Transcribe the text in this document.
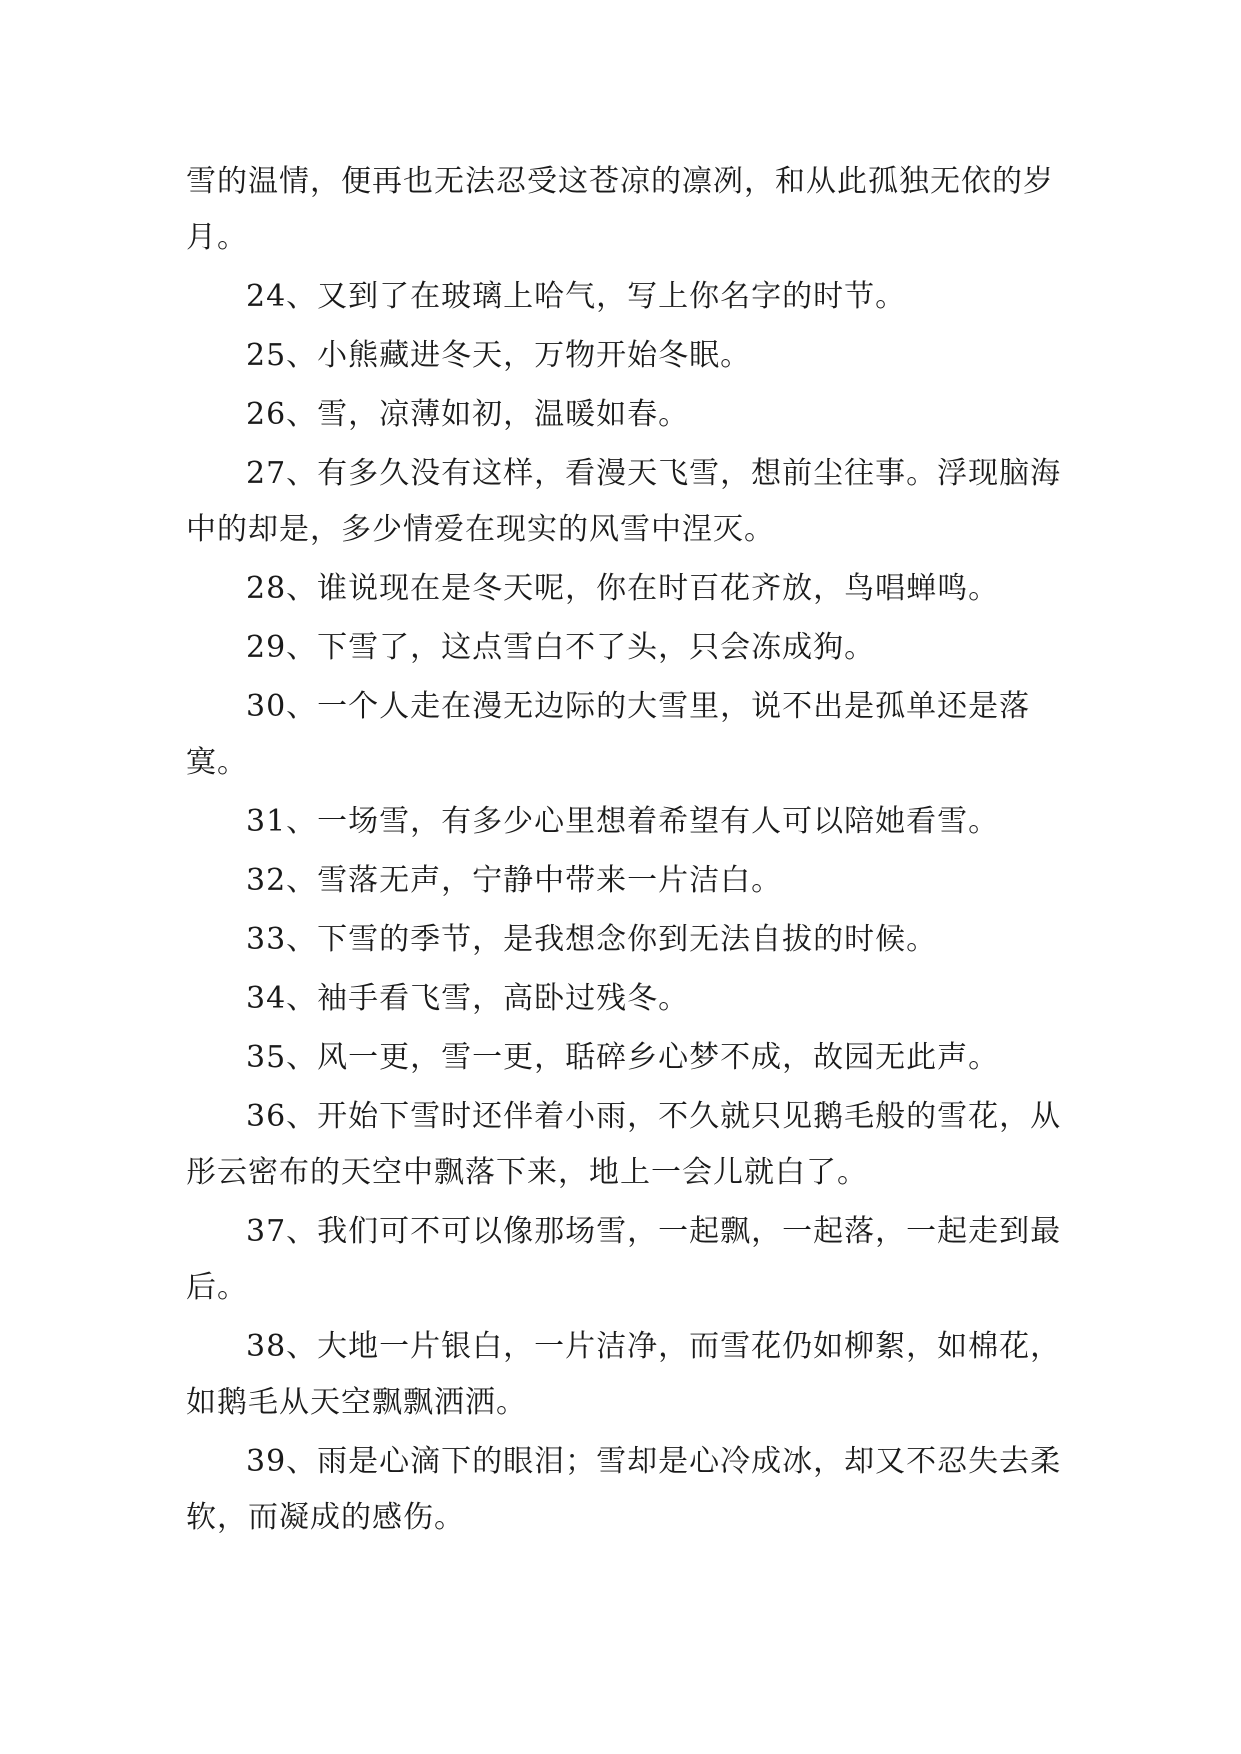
雪的温情，便再也无法忍受这苍凉的凛冽，和从此孤独无依的岁月。

24、又到了在玻璃上哈气，写上你名字的时节。

25、小熊藏进冬天，万物开始冬眠。

26、雪，凉薄如初，温暖如春。

27、有多久没有这样，看漫天飞雪，想前尘往事。浮现脑海中的却是，多少情爱在现实的风雪中涅灭。

28、谁说现在是冬天呢，你在时百花齐放，鸟唱蝉鸣。

29、下雪了，这点雪白不了头，只会冻成狗。

30、一个人走在漫无边际的大雪里，说不出是孤单还是落寞。

31、一场雪，有多少心里想着希望有人可以陪她看雪。

32、雪落无声，宁静中带来一片洁白。

33、下雪的季节，是我想念你到无法自拔的时候。

34、袖手看飞雪，高卧过残冬。

35、风一更，雪一更，聒碎乡心梦不成，故园无此声。

36、开始下雪时还伴着小雨，不久就只见鹅毛般的雪花，从彤云密布的天空中飘落下来，地上一会儿就白了。

37、我们可不可以像那场雪，一起飘，一起落，一起走到最后。

38、大地一片银白，一片洁净，而雪花仍如柳絮，如棉花，如鹅毛从天空飘飘洒洒。

39、雨是心滴下的眼泪；雪却是心冷成冰，却又不忍失去柔软，而凝成的感伤。
